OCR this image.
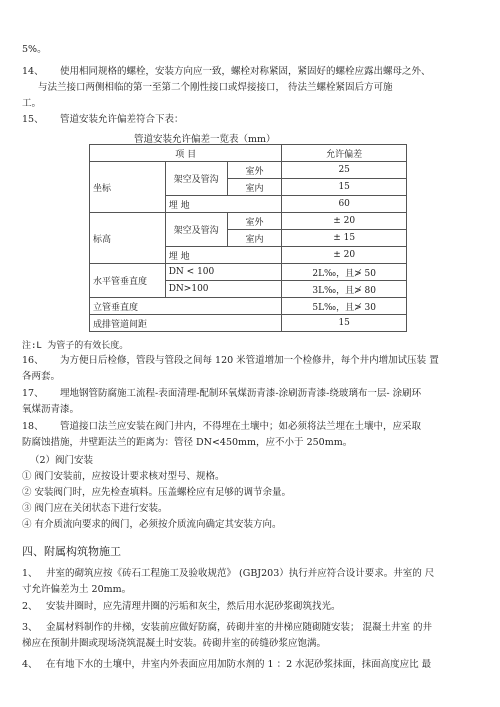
5%。
14、 使用相同规格的螺栓，安装方向应一致，螺栓对称紧固，紧固好的螺栓应露出螺母之外、
与法兰接口两侧相临的第一至第二个刚性接口或焊接接口， 待法兰螺栓紧固后方可施
工。
15、 管道安装允许偏差符合下表：
管道安装允许偏差一览表（mm）
项 目			允许偏差
坐标	架空及管沟	室外	25
		室内	15
	埋 地		60
标高	架空及管沟	室外	± 20
		室内	± 15
	埋 地		± 20
水平管垂直度	DN < 100		2L‰，且≯ 50
	DN>100		3L‰，且≯ 80
立管垂直度			5L‰，且≯ 30
成排管道间距			15
注:L 为管子的有效长度。
16、 为方便日后检修，管段与管段之间每 120 米管道增加一个检修井，每个井内增加试压装 置
各两套。
17、 埋地钢管防腐施工流程-表面清理-配制环氧煤沥青漆-涂刷沥青漆-绕玻璃布一层- 涂刷环
氧煤沥青漆。
18、 管道接口法兰应安装在阀门井内，不得埋在土壤中；如必须将法兰埋在土壤中，应采取
防腐蚀措施，井壁距法兰的距离为：管径 DN<450mm，应不小于 250mm。
（2）阀门安装
① 阀门安装前，应按设计要求核对型号、规格。
② 安装阀门时，应先检查填料。压盖螺栓应有足够的调节余量。
③ 阀门应在关闭状态下进行安装。
④ 有介质流向要求的阀门，必须按介质流向确定其安装方向。
四、附属构筑物施工
1、 井室的砌筑应按《砖石工程施工及验收规范》 (GBJ203）执行并应符合设计要求。井室的 尺
寸允许偏差为土 20mm。
2、 安装井圈时，应先清理井圈的污垢和灰尘，然后用水泥砂浆砌筑找光。
3、 金属材料制作的井梯，安装前应做好防腐，砖砌井室的井梯应随砌随安装； 混凝土井室 的井
梯应在预制井圈或现场浇筑混凝土时安装。砖砌井室的砖缝砂浆应饱满。
4、 在有地下水的土壤中，井室内外表面应用加防水剂的 1 ：2 水泥砂浆抹面，抹面高度应比 最
